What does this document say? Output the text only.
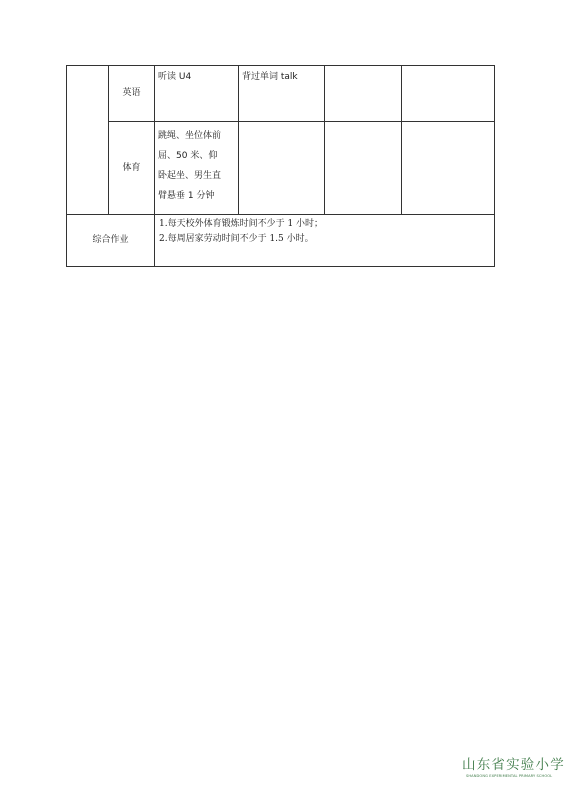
	英语	听读 U4	背过单词 talk		
	体育	跳绳、坐位体前
屈、50 米、仰
卧起坐、男生直
臂悬垂 1 分钟			

综合作业		1.每天校外体育锻炼时间不少于 1 小时；
2.每周居家劳动时间不少于 1.5 小时。			
山东省实验小学
SHANDONG EXPERIMENTAL PRIMARY SCHOOL
